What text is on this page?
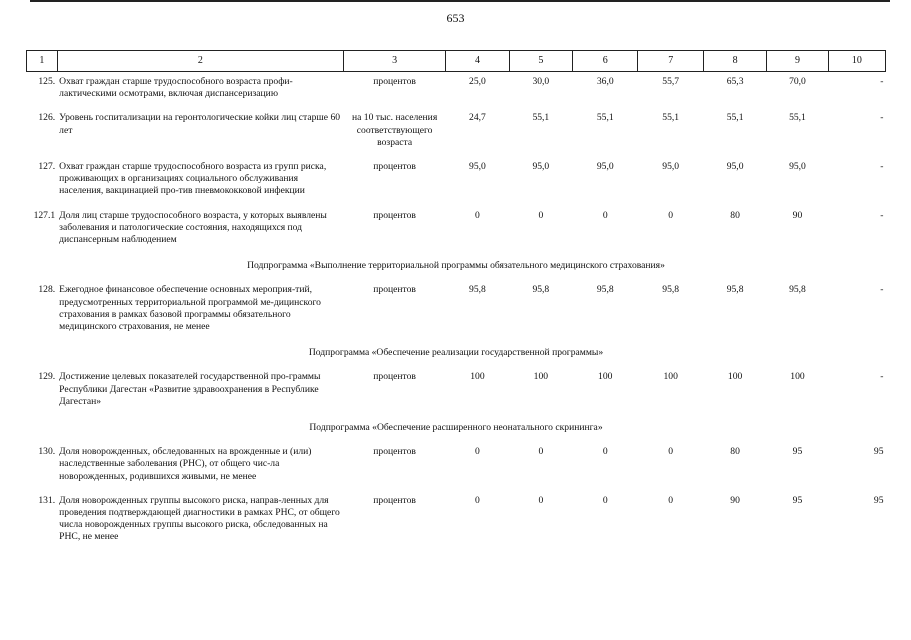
653
1	2	3	4	5	6	7	8	9	10
125.	Охват граждан старше трудоспособного возраста профи-лактическими осмотрами, включая диспансеризацию	процентов	25,0	30,0	36,0	55,7	65,3	70,0	-
126.	Уровень госпитализации на геронтологические койки лиц старше 60 лет	на 10 тыс. населения соответствующего возраста	24,7	55,1	55,1	55,1	55,1	55,1	-
127.	Охват граждан старше трудоспособного возраста из групп риска, проживающих в организациях социального обслуживания населения, вакцинацией про-тив пневмококковой инфекции	процентов	95,0	95,0	95,0	95,0	95,0	95,0	-
127.1	Доля лиц старше трудоспособного возраста, у которых выявлены заболевания и патологические состояния, находящихся под диспансерным наблюдением	процентов	0	0	0	0	80	90	-
Подпрограмма «Выполнение территориальной программы обязательного медицинского страхования»									
128.	Ежегодное финансовое обеспечение основных мероприя-тий, предусмотренных территориальной программой ме-дицинского страхования в рамках базовой программы обязательного медицинского страхования, не менее	процентов	95,8	95,8	95,8	95,8	95,8	95,8	-
Подпрограмма «Обеспечение реализации государственной программы»									
129.	Достижение целевых показателей государственной про-граммы Республики Дагестан «Развитие здравоохранения в Республике Дагестан»	процентов	100	100	100	100	100	100	-
Подпрограмма «Обеспечение расширенного неонатального скрининга»									
130.	Доля новорожденных, обследованных на врожденные и (или) наследственные заболевания (РНС), от общего чис-ла новорожденных, родившихся живыми, не менее	процентов	0	0	0	0	80	95	95
131.	Доля новорожденных группы высокого риска, направ-ленных для проведения подтверждающей диагностики в рамках РНС, от общего числа новорожденных группы высокого риска, обследованных на РНС, не менее	процентов	0	0	0	0	90	95	95
